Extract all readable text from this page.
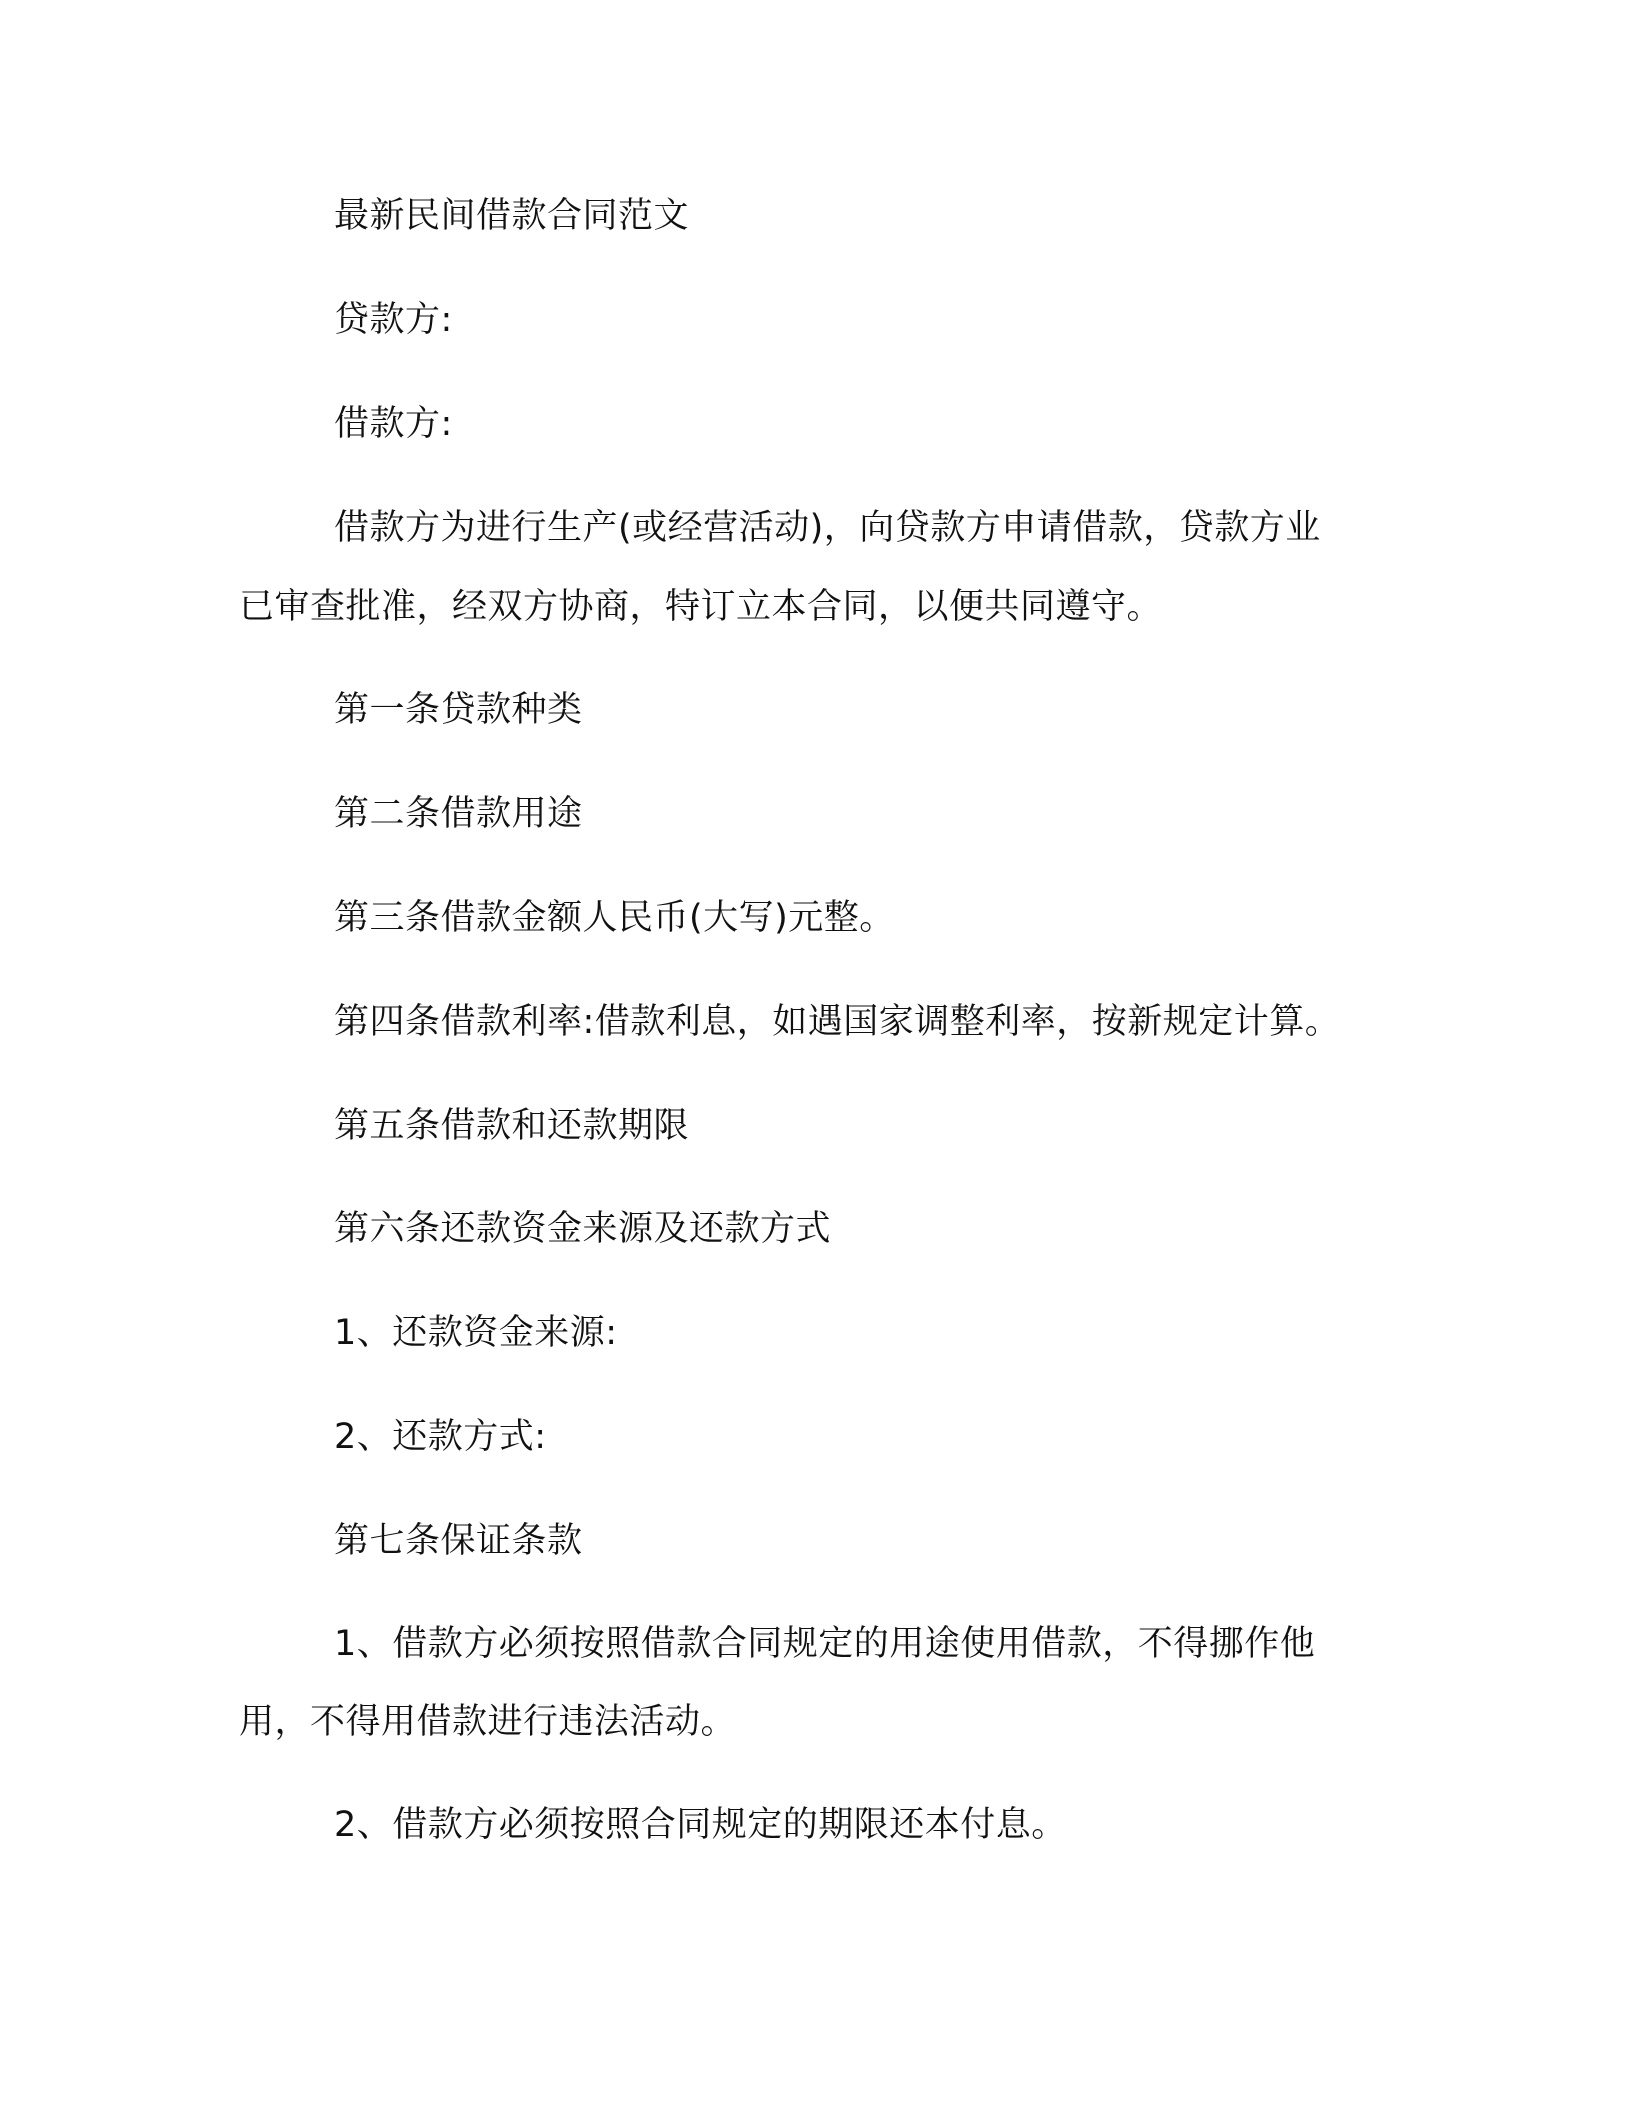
最新民间借款合同范文

贷款方:

借款方:

借款方为进行生产(或经营活动)，向贷款方申请借款，贷款方业

已审查批准，经双方协商，特订立本合同，以便共同遵守。

第一条贷款种类

第二条借款用途

第三条借款金额人民币(大写)元整。

第四条借款利率:借款利息，如遇国家调整利率，按新规定计算。

第五条借款和还款期限

第六条还款资金来源及还款方式

1、还款资金来源:

2、还款方式:

第七条保证条款

1、借款方必须按照借款合同规定的用途使用借款，不得挪作他

用，不得用借款进行违法活动。

2、借款方必须按照合同规定的期限还本付息。
